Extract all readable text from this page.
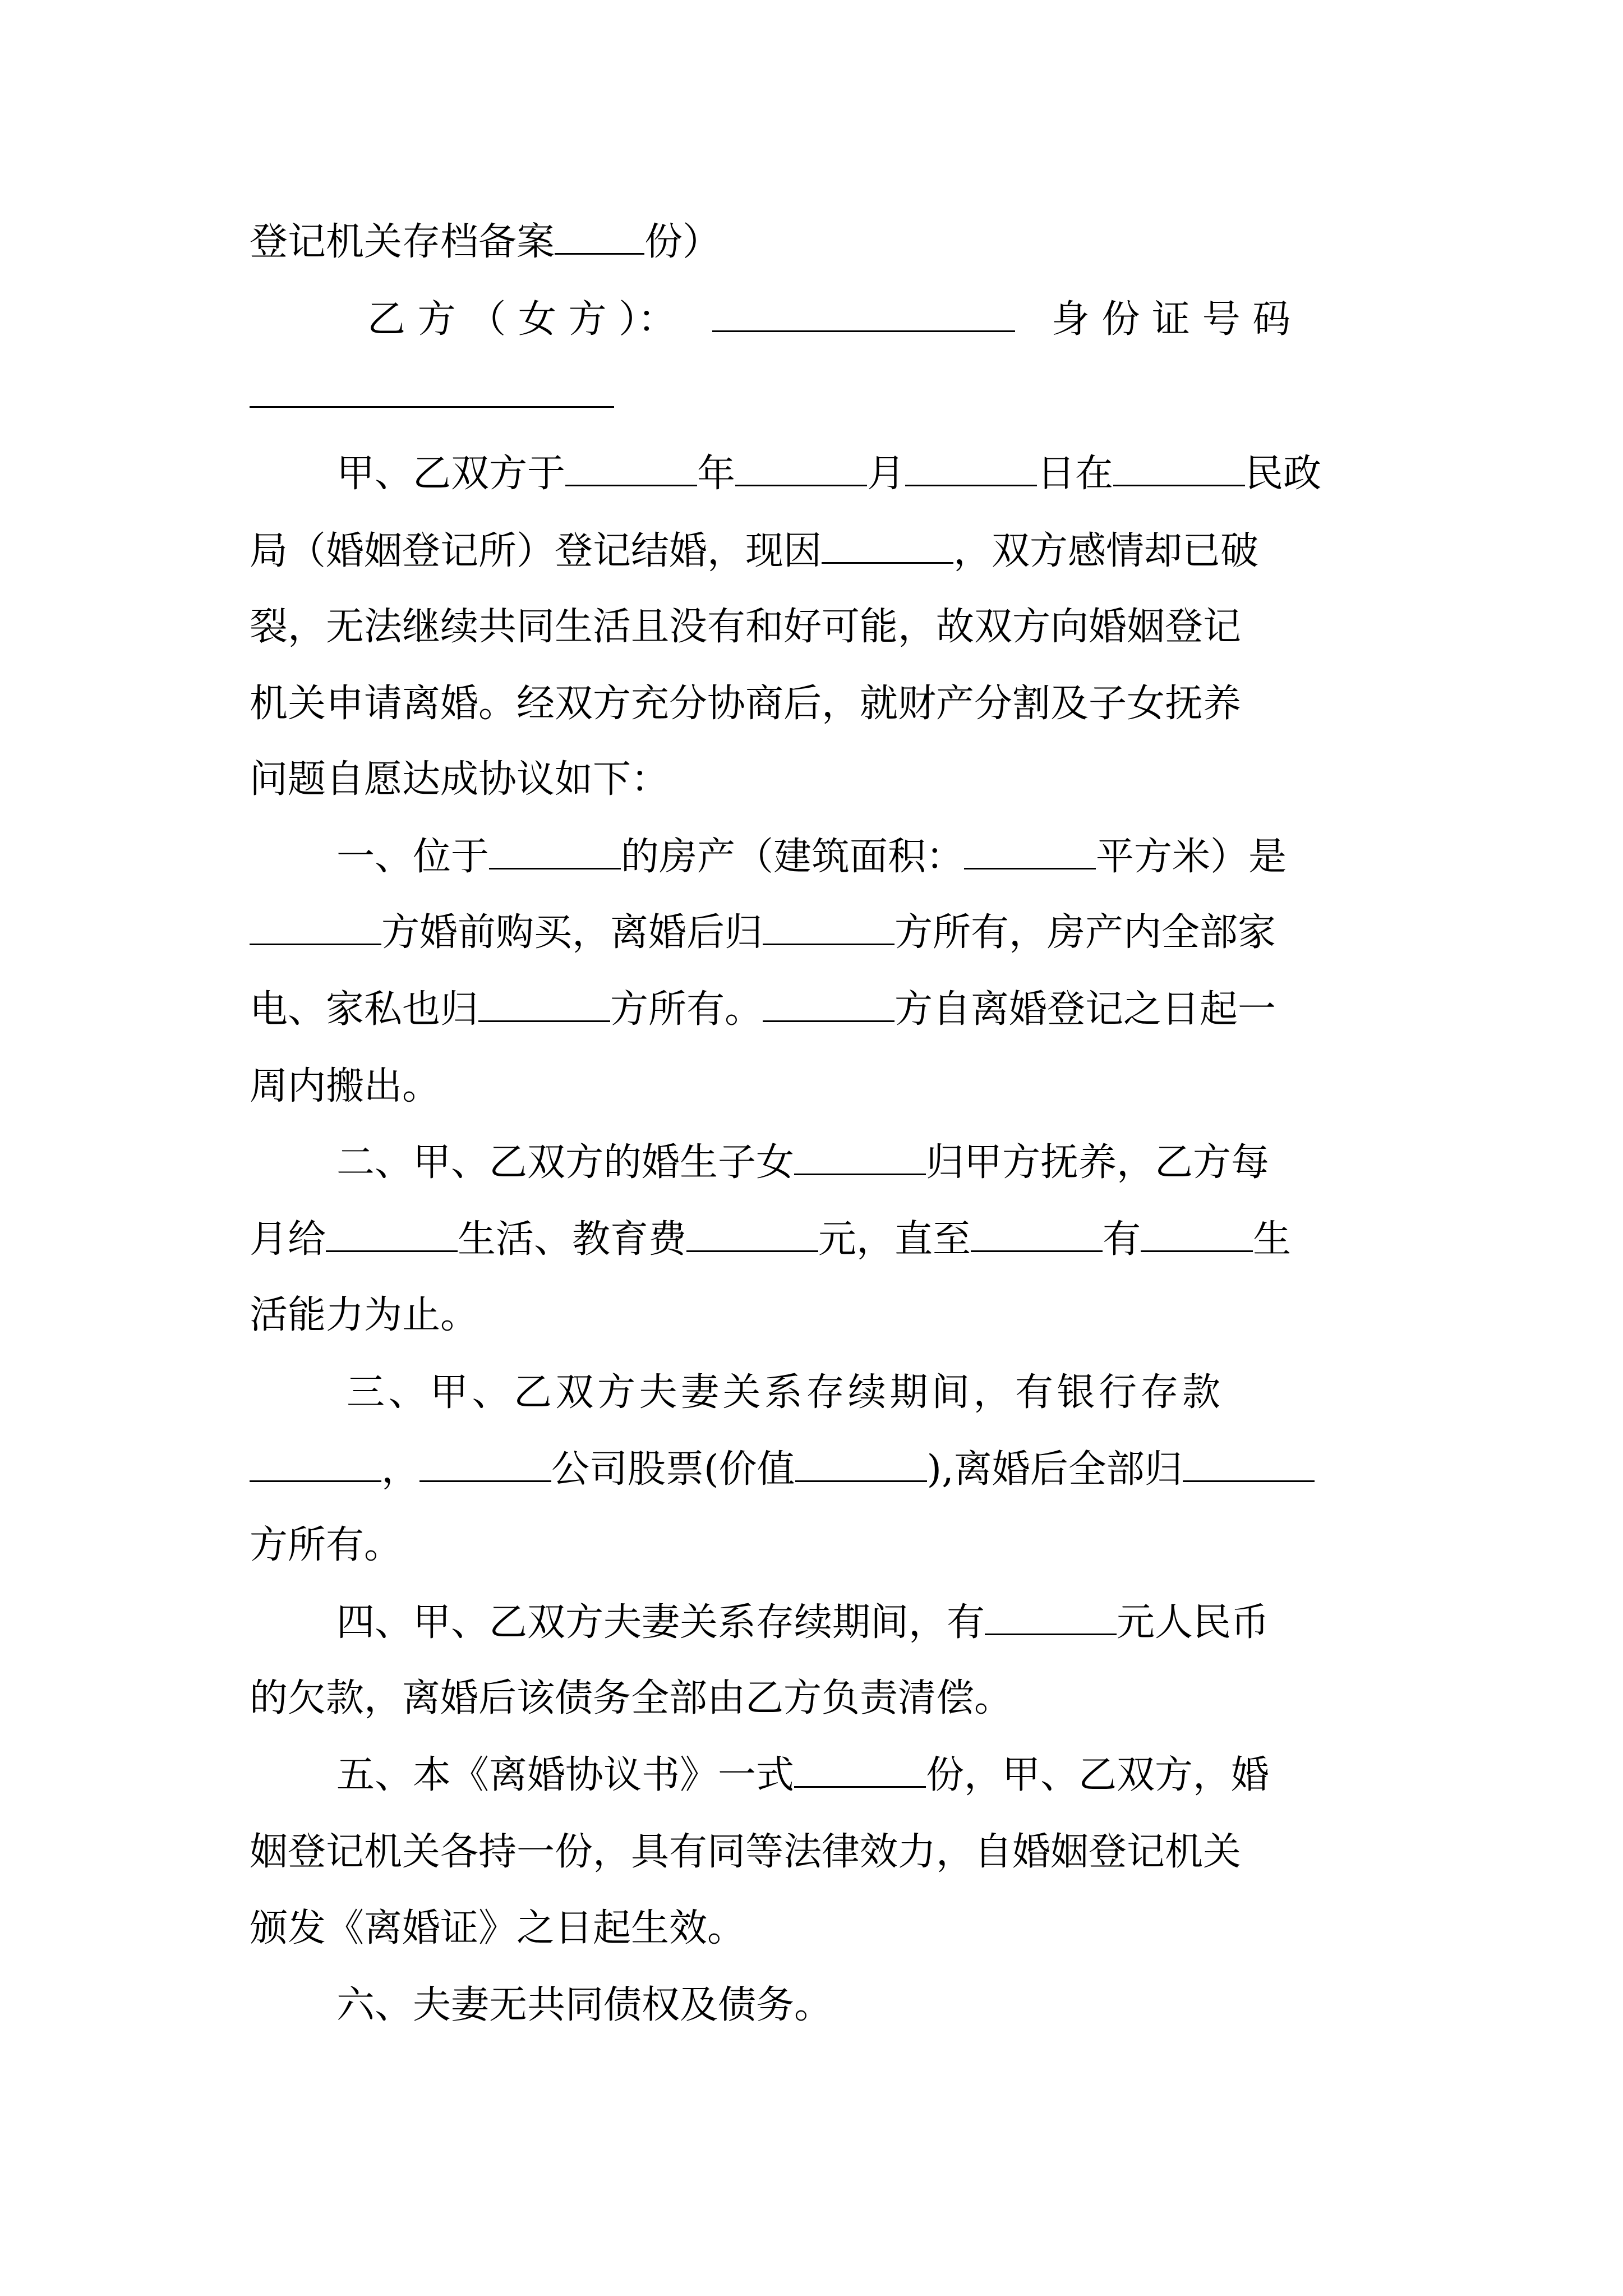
登记机关存档备案 份）
乙 方 （ 女 方 ）：	身 份 证 号 码
甲、乙双方于	年	月	日在	民政
局（婚姻登记所）登记结婚，现因	，双方感情却已破
裂，无法继续共同生活且没有和好可能，故双方向婚姻登记
机关申请离婚。经双方充分协商后，就财产分割及子女抚养
问题自愿达成协议如下：
一、位于	的房产（建筑面积：	平方米）是
方婚前购买，离婚后归	方所有，房产内全部家
电、家私也归	方所有。	方自离婚登记之日起一
周内搬出。
二、甲、乙双方的婚生子女	归甲方抚养，乙方每
月给	生活、教育费	元，直至	有	生
活能力为止。
三、甲、乙双方夫妻关系存续期间，有银行存款
，	公司股票(价值	),离婚后全部归
方所有。
四、甲、乙双方夫妻关系存续期间，有	元人民币
的欠款，离婚后该债务全部由乙方负责清偿。
五、本《离婚协议书》一式	份，甲、乙双方，婚
姻登记机关各持一份，具有同等法律效力，自婚姻登记机关
颁发《离婚证》之日起生效。
六、夫妻无共同债权及债务。
